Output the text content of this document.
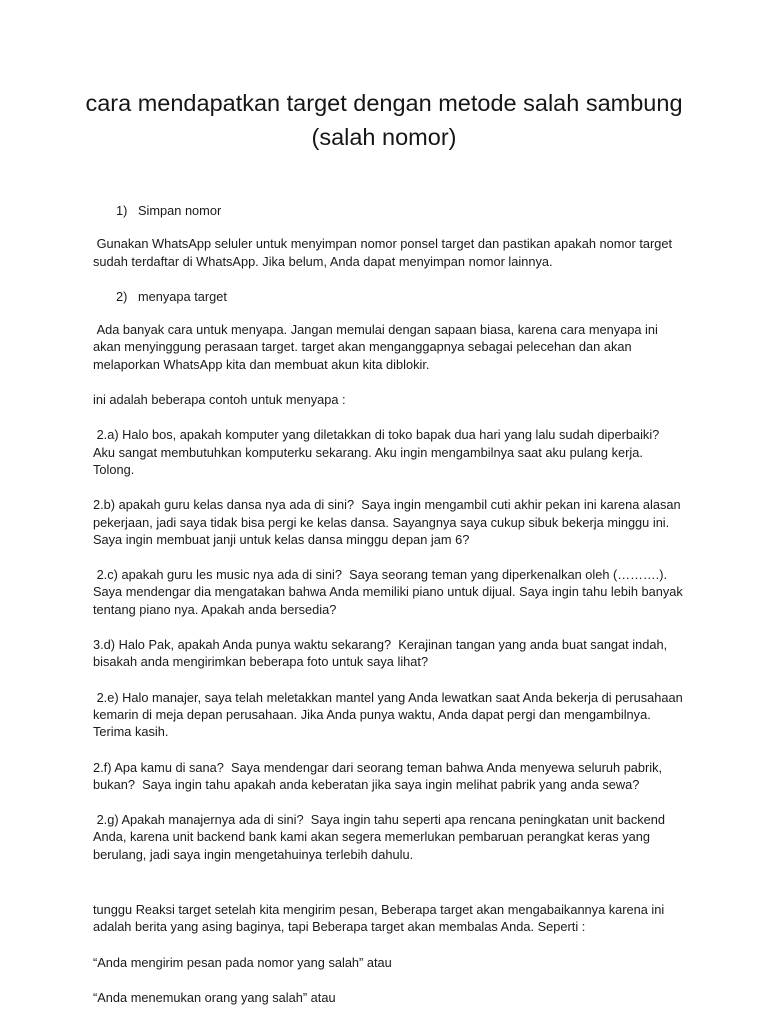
cara mendapatkan target dengan metode salah sambung (salah nomor)
1) Simpan nomor

Gunakan WhatsApp seluler untuk menyimpan nomor ponsel target dan pastikan apakah nomor target sudah terdaftar di WhatsApp. Jika belum, Anda dapat menyimpan nomor lainnya.

2) menyapa target

Ada banyak cara untuk menyapa. Jangan memulai dengan sapaan biasa, karena cara menyapa ini akan menyinggung perasaan target. target akan menganggapnya sebagai pelecehan dan akan melaporkan WhatsApp kita dan membuat akun kita diblokir.

ini adalah beberapa contoh untuk menyapa :

2.a) Halo bos, apakah komputer yang diletakkan di toko bapak dua hari yang lalu sudah diperbaiki? Aku sangat membutuhkan komputerku sekarang. Aku ingin mengambilnya saat aku pulang kerja. Tolong.

2.b) apakah guru kelas dansa nya ada di sini?  Saya ingin mengambil cuti akhir pekan ini karena alasan pekerjaan, jadi saya tidak bisa pergi ke kelas dansa. Sayangnya saya cukup sibuk bekerja minggu ini. Saya ingin membuat janji untuk kelas dansa minggu depan jam 6?

2.c) apakah guru les music nya ada di sini?  Saya seorang teman yang diperkenalkan oleh (……….). Saya mendengar dia mengatakan bahwa Anda memiliki piano untuk dijual. Saya ingin tahu lebih banyak tentang piano nya. Apakah anda bersedia?

3.d) Halo Pak, apakah Anda punya waktu sekarang?  Kerajinan tangan yang anda buat sangat indah, bisakah anda mengirimkan beberapa foto untuk saya lihat?

2.e) Halo manajer, saya telah meletakkan mantel yang Anda lewatkan saat Anda bekerja di perusahaan kemarin di meja depan perusahaan. Jika Anda punya waktu, Anda dapat pergi dan mengambilnya. Terima kasih.

2.f) Apa kamu di sana?  Saya mendengar dari seorang teman bahwa Anda menyewa seluruh pabrik, bukan?  Saya ingin tahu apakah anda keberatan jika saya ingin melihat pabrik yang anda sewa?

2.g) Apakah manajernya ada di sini?  Saya ingin tahu seperti apa rencana peningkatan unit backend Anda, karena unit backend bank kami akan segera memerlukan pembaruan perangkat keras yang berulang, jadi saya ingin mengetahuinya terlebih dahulu.

tunggu Reaksi target setelah kita mengirim pesan, Beberapa target akan mengabaikannya karena ini adalah berita yang asing baginya, tapi Beberapa target akan membalas Anda. Seperti :

“Anda mengirim pesan pada nomor yang salah” atau

“Anda menemukan orang yang salah” atau
